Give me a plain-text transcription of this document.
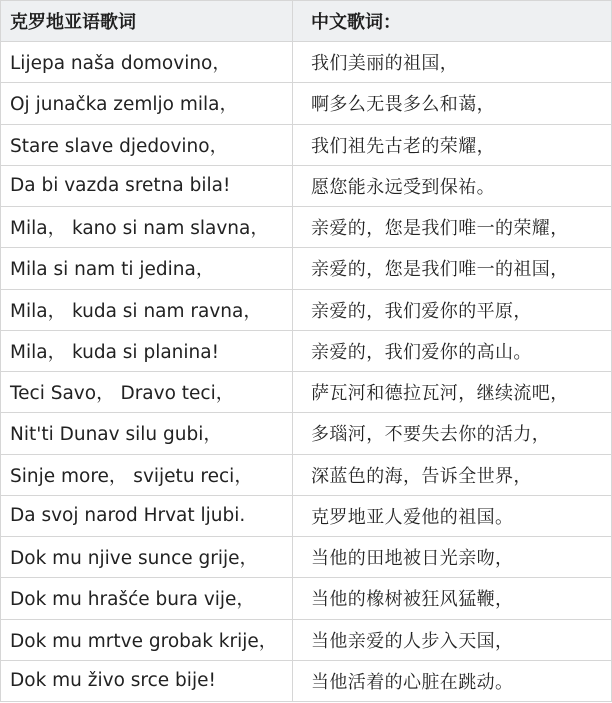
克罗地亚语歌词	中文歌词：
Lijepa naša domovino，	我们美丽的祖国，
Oj junačka zemljo mila，	啊多么无畏多么和蔼，
Stare slave djedovino，	我们祖先古老的荣耀，
Da bi vazda sretna bila!	愿您能永远受到保祐。
Mila， kano si nam slavna，	亲爱的，您是我们唯一的荣耀，
Mila si nam ti jedina，	亲爱的，您是我们唯一的祖国，
Mila， kuda si nam ravna，	亲爱的，我们爱你的平原，
Mila， kuda si planina!	亲爱的，我们爱你的高山。
Teci Savo， Dravo teci，	萨瓦河和德拉瓦河，继续流吧，
Nit'ti Dunav silu gubi，	多瑙河，不要失去你的活力，
Sinje more， svijetu reci，	深蓝色的海，告诉全世界，
Da svoj narod Hrvat ljubi.	克罗地亚人爱他的祖国。
Dok mu njive sunce grije，	当他的田地被日光亲吻，
Dok mu hrašće bura vije，	当他的橡树被狂风猛鞭，
Dok mu mrtve grobak krije，	当他亲爱的人步入天国，
Dok mu živo srce bije!	当他活着的心脏在跳动。
